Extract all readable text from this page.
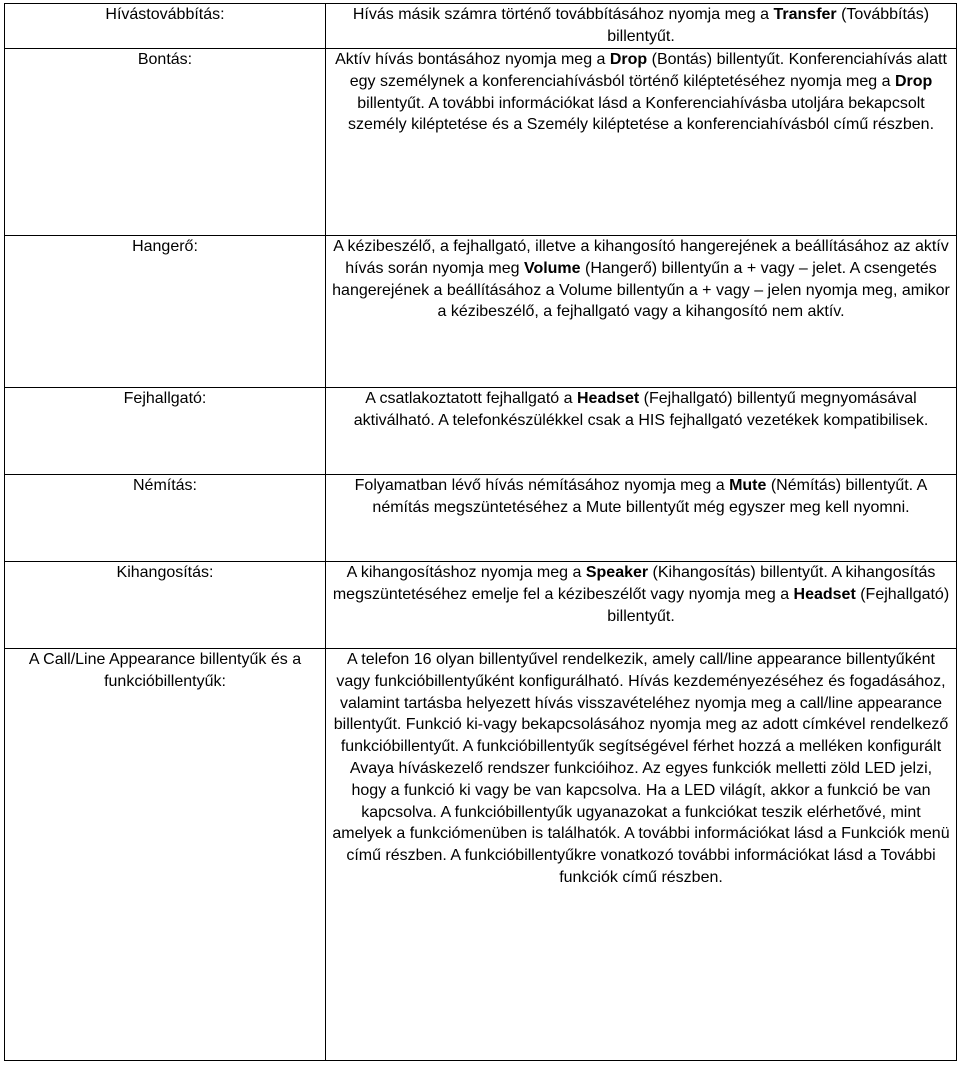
Hívástovábbítás:	Hívás másik számra történő továbbításához nyomja meg a Transfer (Továbbítás) billentyűt.
Bontás:	Aktív hívás bontásához nyomja meg a Drop (Bontás) billentyűt. Konferenciahívás alatt egy személynek a konferenciahívásból történő kiléptetéséhez nyomja meg a Drop billentyűt. A további információkat lásd a Konferenciahívásba utoljára bekapcsolt személy kiléptetése és a Személy kiléptetése a konferenciahívásból című részben.
Hangerő:	A kézibeszélő, a fejhallgató, illetve a kihangosító hangerejének a beállításához az aktív hívás során nyomja meg Volume (Hangerő) billentyűn a + vagy – jelet. A csengetés hangerejének a beállításához a Volume billentyűn a + vagy – jelen nyomja meg, amikor a kézibeszélő, a fejhallgató vagy a kihangosító nem aktív.
Fejhallgató:	A csatlakoztatott fejhallgató a Headset (Fejhallgató) billentyű megnyomásával aktiválható. A telefonkészülékkel csak a HIS fejhallgató vezetékek kompatibilisek.
Némítás:	Folyamatban lévő hívás némításához nyomja meg a Mute (Némítás) billentyűt. A némítás megszüntetéséhez a Mute billentyűt még egyszer meg kell nyomni.
Kihangosítás:	A kihangosításhoz nyomja meg a Speaker (Kihangosítás) billentyűt. A kihangosítás megszüntetéséhez emelje fel a kézibeszélőt vagy nyomja meg a Headset (Fejhallgató) billentyűt.
A Call/Line Appearance billentyűk és a funkcióbillentyűk:	A telefon 16 olyan billentyűvel rendelkezik, amely call/line appearance billentyűként vagy funkcióbillentyűként konfigurálható. Hívás kezdeményezéséhez és fogadásához, valamint tartásba helyezett hívás visszavételéhez nyomja meg a call/line appearance billentyűt. Funkció ki-vagy bekapcsolásához nyomja meg az adott címkével rendelkező funkcióbillentyűt. A funkcióbillentyűk segítségével férhet hozzá a melléken konfigurált Avaya híváskezelő rendszer funkcióihoz. Az egyes funkciók melletti zöld LED jelzi, hogy a funkció ki vagy be van kapcsolva. Ha a LED világít, akkor a funkció be van kapcsolva. A funkcióbillentyűk ugyanazokat a funkciókat teszik elérhetővé, mint amelyek a funkciómenüben is találhatók. A további információkat lásd a Funkciók menü című részben. A funkcióbillentyűkre vonatkozó további információkat lásd a További funkciók című részben.
